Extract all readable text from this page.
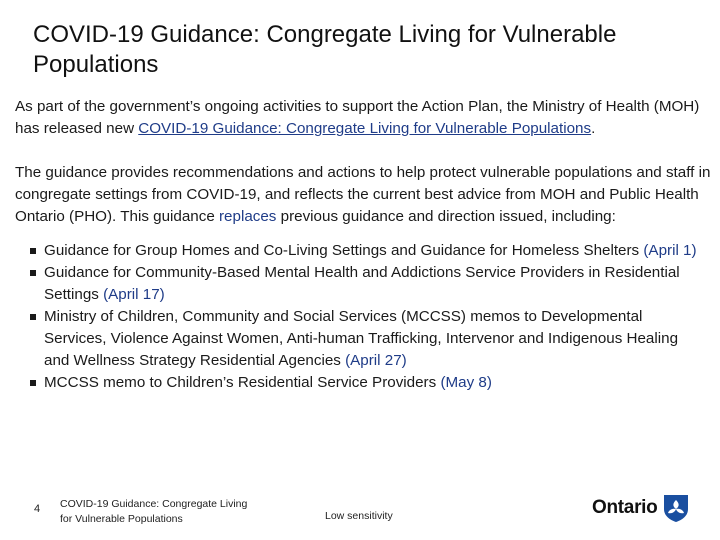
COVID-19 Guidance: Congregate Living for Vulnerable Populations

As part of the government’s ongoing activities to support the Action Plan, the Ministry of Health (MOH) has released new COVID-19 Guidance: Congregate Living for Vulnerable Populations.

The guidance provides recommendations and actions to help protect vulnerable populations and staff in congregate settings from COVID-19, and reflects the current best advice from MOH and Public Health Ontario (PHO). This guidance replaces previous guidance and direction issued, including:

Guidance for Group Homes and Co-Living Settings and Guidance for Homeless Shelters (April 1)
Guidance for Community-Based Mental Health and Addictions Service Providers in Residential Settings (April 17)
Ministry of Children, Community and Social Services (MCCSS) memos to Developmental Services, Violence Against Women, Anti-human Trafficking, Intervenor and Indigenous Healing and Wellness Strategy Residential Agencies (April 27)
MCCSS memo to Children’s Residential Service Providers (May 8)
4 COVID-19 Guidance: Congregate Living for Vulnerable Populations	Low sensitivity	Ontario
